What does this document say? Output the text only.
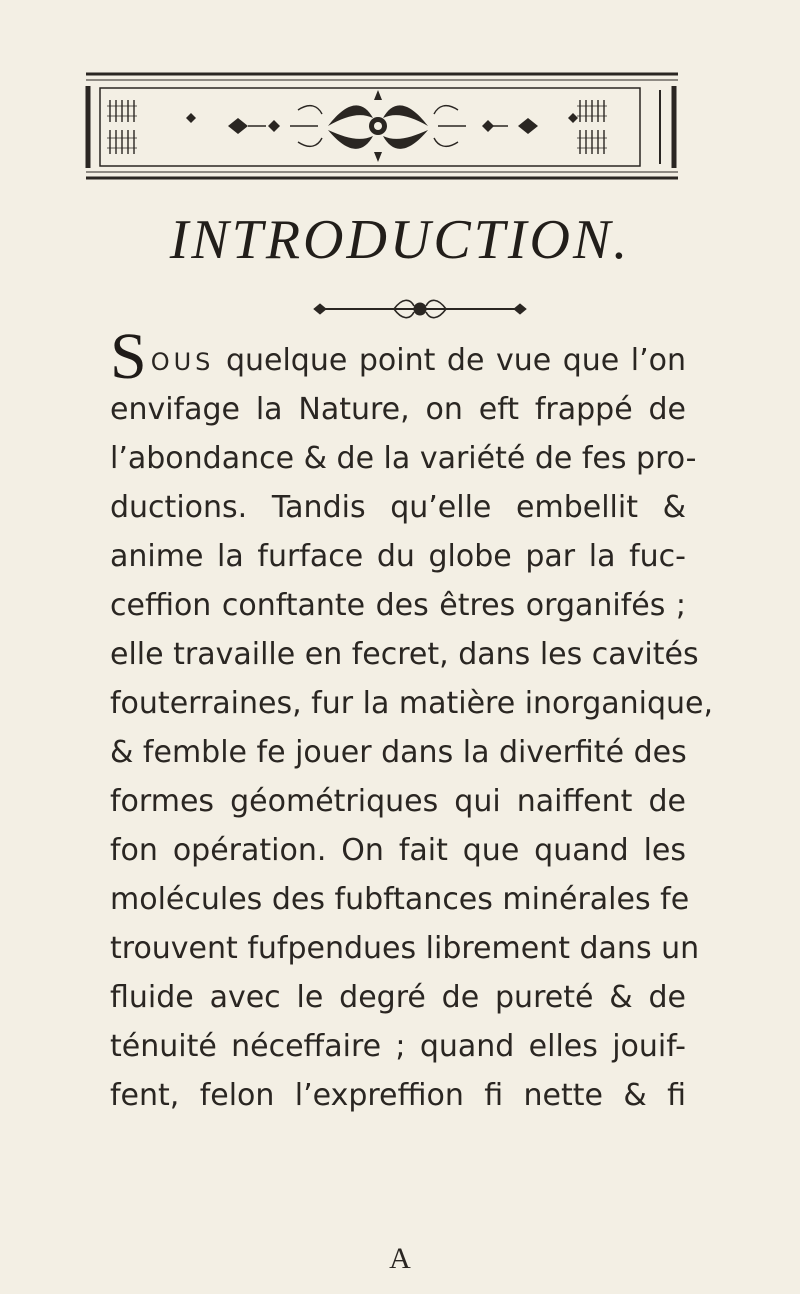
INTRODUCTION.
SOUS quelque point de vue que l’on
envifage la Nature, on eft frappé de
l’abondance & de la variété de fes pro-
ductions. Tandis qu’elle embellit &
anime la furface du globe par la fuc-
ceffion conftante des êtres organifés ;
elle travaille en fecret, dans les cavités
fouterraines, fur la matière inorganique,
& femble fe jouer dans la diverfité des
formes géométriques qui naiffent de
fon opération. On fait que quand les
molécules des fubftances minérales fe
trouvent fufpendues librement dans un
fluide avec le degré de pureté & de
ténuité néceffaire ; quand elles jouif-
fent, felon l’expreffion fi nette & fi
A
